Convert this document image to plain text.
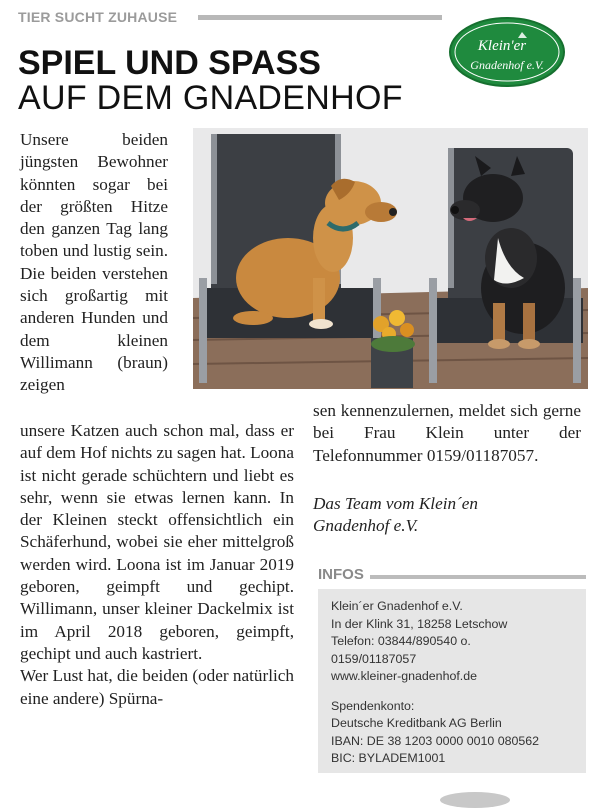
TIER SUCHT ZUHAUSE
SPIEL UND SPASS
AUF DEM GNADENHOF
Klein'er
Gnadenhof e.V.

Unsere beiden jüngsten Bewohner könnten sogar bei der größten Hitze den ganzen Tag lang toben und lustig sein. Die beiden verstehen sich großartig mit anderen Hunden und dem kleinen Willimann (braun) zeigen

unsere Katzen auch schon mal, dass er auf dem Hof nichts zu sagen hat. Loona ist nicht gerade schüchtern und liebt es sehr, wenn sie etwas lernen kann. In der Kleinen steckt offensichtlich ein Schäferhund, wobei sie eher mittelgroß werden wird. Loona ist im Januar 2019 geboren, geimpft und gechipt. Willimann, unser kleiner Dackelmix ist im April 2018 geboren, geimpft, gechipt und auch kastriert.

Wer Lust hat, die beiden (oder natürlich eine andere) Spürna-

sen kennenzulernen, meldet sich gerne bei Frau Klein unter der Telefonnummer 0159/01187057.

Das Team vom Klein´en
Gnadenhof e.V.
INFOS
Klein´er Gnadenhof e.V.
In der Klink 31, 18258 Letschow
Telefon: 03844/890540 o.
0159/01187057
www.kleiner-gnadenhof.de
Spendenkonto:
Deutsche Kreditbank AG Berlin
IBAN: DE 38 1203 0000 0010 080562
BIC: BYLADEM1001
